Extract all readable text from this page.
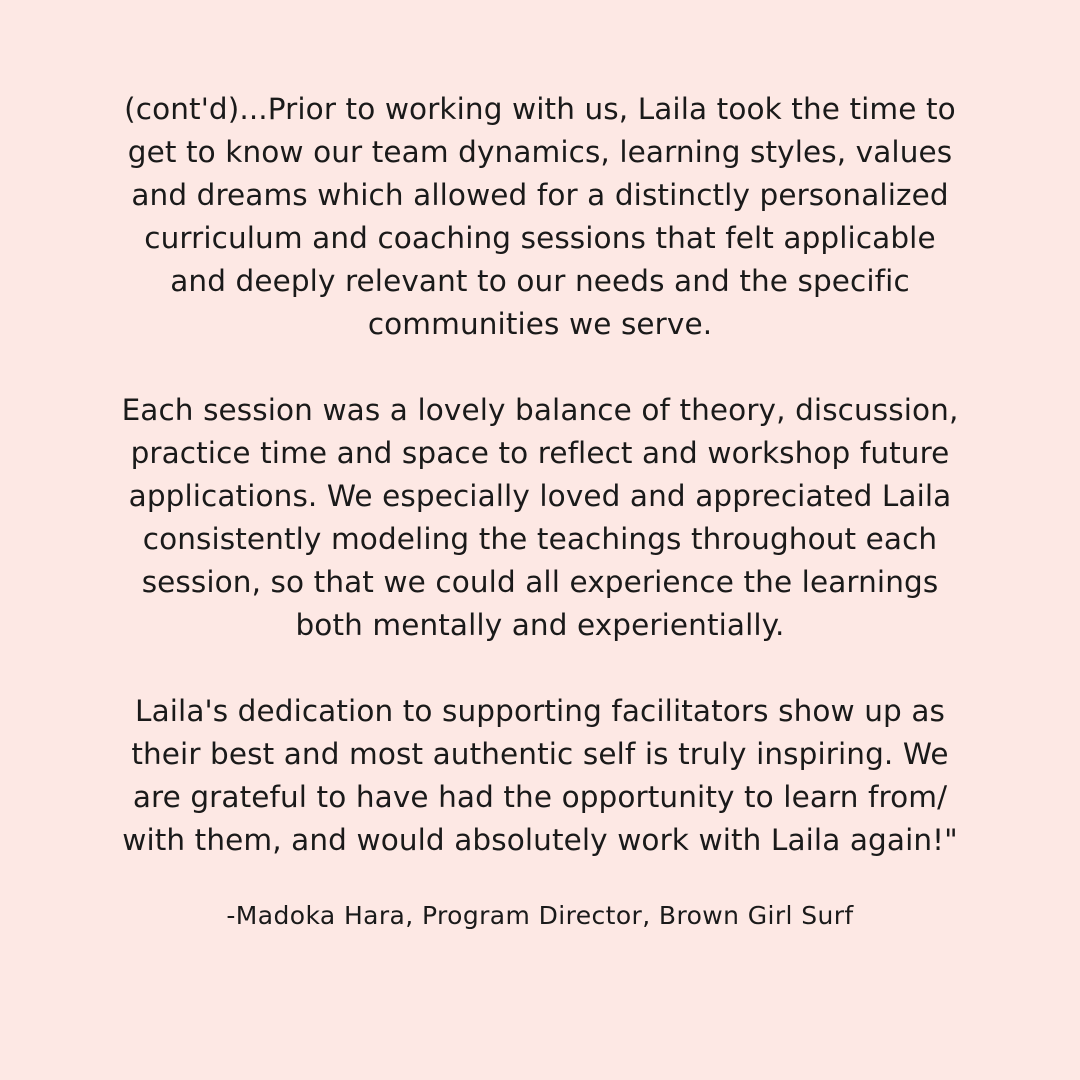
(cont'd)...Prior to working with us, Laila took the time to
get to know our team dynamics, learning styles, values
and dreams which allowed for a distinctly personalized
curriculum and coaching sessions that felt applicable
and deeply relevant to our needs and the specific
communities we serve.

Each session was a lovely balance of theory, discussion,
practice time and space to reflect and workshop future
applications. We especially loved and appreciated Laila
consistently modeling the teachings throughout each
session, so that we could all experience the learnings
both mentally and experientially.

Laila's dedication to supporting facilitators show up as
their best and most authentic self is truly inspiring. We
are grateful to have had the opportunity to learn from/
with them, and would absolutely work with Laila again!"

-Madoka Hara, Program Director, Brown Girl Surf
